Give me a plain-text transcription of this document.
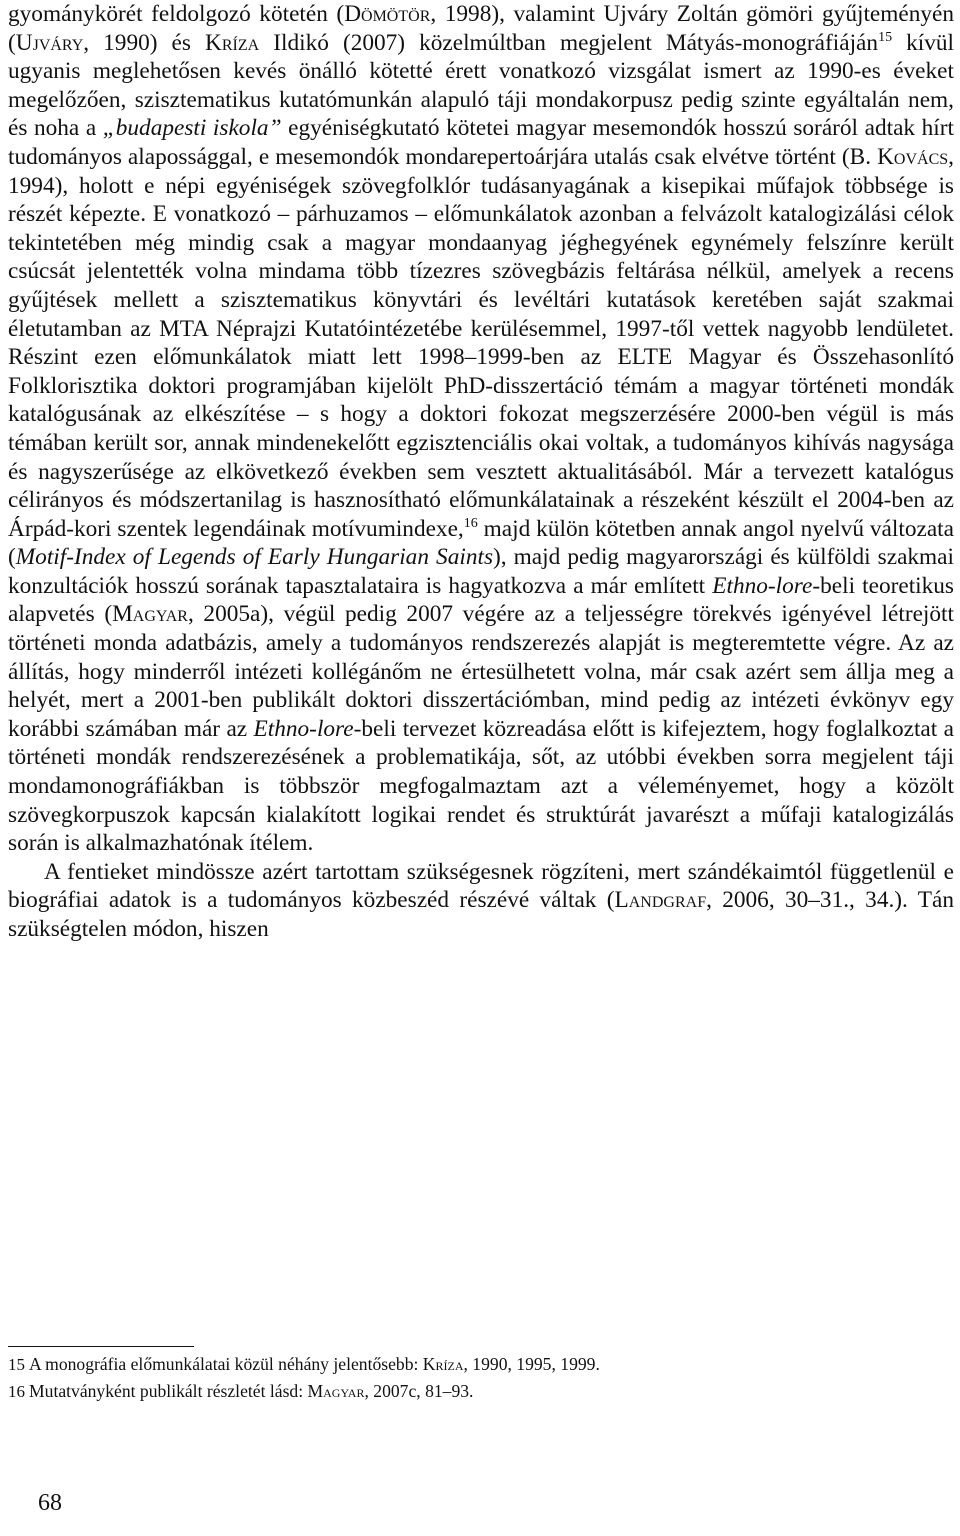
gyománykörét feldolgozó kötetén (Dömötör, 1998), valamint Ujváry Zoltán gömöri gyűjteményén (Ujváry, 1990) és Kríza Ildikó (2007) közelmúltban megjelent Mátyás-monográfiáján$^{15}$ kívül ugyanis meglehetősen kevés önálló kötetté érett vonatkozó vizsgálat ismert az 1990-es éveket megelőzően, szisztematikus kutatómunkán alapuló táji mondakorpusz pedig szinte egyáltalán nem, és noha a „budapesti iskola” egyéniségkutató kötetei magyar mesemondók hosszú soráról adtak hírt tudományos alapossággal, e mesemondók mondarepertoárjára utalás csak elvétve történt (B. Kovács, 1994), holott e népi egyéniségek szövegfolklór tudásanyagának a kisepikai műfajok többsége is részét képezte. E vonatkozó – párhuzamos – előmunkálatok azonban a felvázolt katalogizálási célok tekintetében még mindig csak a magyar mondaanyag jéghegyének egynémely felszínre került csúcsát jelentették volna mindama több tízezres szövegbázis feltárása nélkül, amelyek a recens gyűjtések mellett a szisztematikus könyvtári és levéltári kutatások keretében saját szakmai életutamban az MTA Néprajzi Kutatóintézetébe kerülésemmel, 1997-től vettek nagyobb lendületet. Részint ezen előmunkálatok miatt lett 1998–1999-ben az ELTE Magyar és Összehasonlító Folklorisztika doktori programjában kijelölt PhD-disszertáció témám a magyar történeti mondák katalógusának az elkészítése – s hogy a doktori fokozat megszerzésére 2000-ben végül is más témában került sor, annak mindenekelőtt egzisztenciális okai voltak, a tudományos kihívás nagysága és nagyszerűsége az elkövetkező években sem vesztett aktualitásából. Már a tervezett katalógus célirányos és módszertanilag is hasznosítható előmunkálatainak a részeként készült el 2004-ben az Árpád-kori szentek legendáinak motívumindexe,$^{16}$ majd külön kötetben annak angol nyelvű változata (Motif-Index of Legends of Early Hungarian Saints), majd pedig magyarországi és külföldi szakmai konzultációk hosszú sorának tapasztalataira is hagyatkozva a már említett Ethno-lore-beli teoretikus alapvetés (Magyar, 2005a), végül pedig 2007 végére az a teljességre törekvés igényével létrejött történeti monda adatbázis, amely a tudományos rendszerezés alapját is megteremtette végre. Az az állítás, hogy minderről intézeti kollégánőm ne értesülhetett volna, már csak azért sem állja meg a helyét, mert a 2001-ben publikált doktori disszertációmban, mind pedig az intézeti évkönyv egy korábbi számában már az Ethno-lore-beli tervezet közreadása előtt is kifejeztem, hogy foglalkoztat a történeti mondák rendszerezésének a problematikája, sőt, az utóbbi években sorra megjelent táji mondamonográfiákban is többször megfogalmaztam azt a véleményemet, hogy a közölt szövegkorpuszok kapcsán kialakított logikai rendet és struktúrát javarészt a műfaji katalogizálás során is alkalmazhatónak ítélem.

A fentieket mindössze azért tartottam szükségesnek rögzíteni, mert szándékaimtól függetlenül e biográfiai adatok is a tudományos közbeszéd részévé váltak (Landgraf, 2006, 30–31., 34.). Tán szükségtelen módon, hiszen

15 A monográfia előmunkálatai közül néhány jelentősebb: Kríza, 1990, 1995, 1999.

16 Mutatványként publikált részletét lásd: Magyar, 2007c, 81–93.

68
